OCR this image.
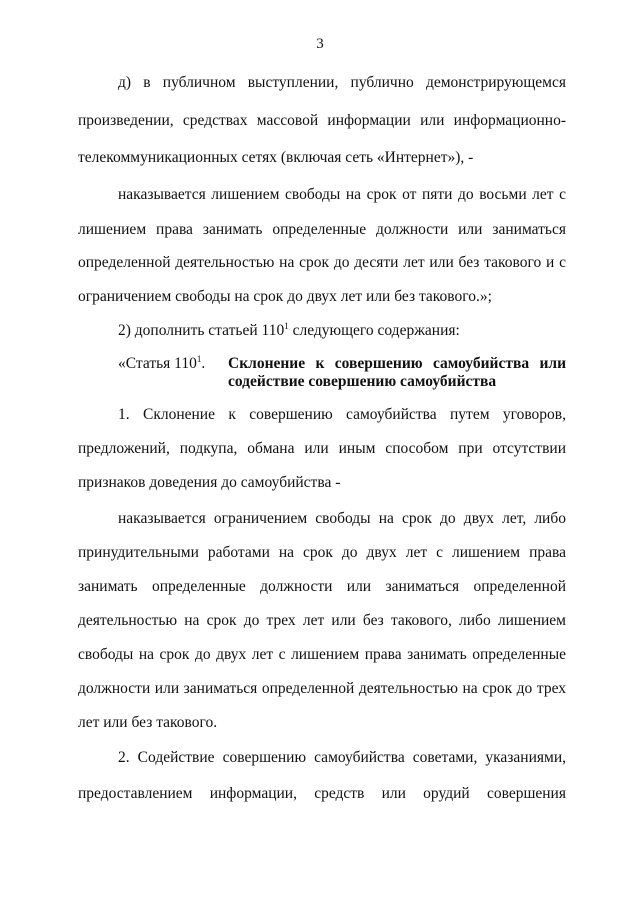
3
д) в публичном выступлении, публично демонстрирующемся
произведении, средствах массовой информации или информационно-
телекоммуникационных сетях (включая сеть «Интернет»), -
наказывается лишением свободы на срок от пяти до восьми лет с
лишением права занимать определенные должности или заниматься
определенной деятельностью на срок до десяти лет или без такового и с
ограничением свободы на срок до двух лет или без такового.»;
2) дополнить статьей $110^1$ следующего содержания:
«Статья $110^1$. Склонение к совершению самоубийства или
содействие совершению самоубийства
1. Склонение к совершению самоубийства путем уговоров,
предложений, подкупа, обмана или иным способом при отсутствии
признаков доведения до самоубийства -
наказывается ограничением свободы на срок до двух лет, либо
принудительными работами на срок до двух лет с лишением права
занимать определенные должности или заниматься определенной
деятельностью на срок до трех лет или без такового, либо лишением
свободы на срок до двух лет с лишением права занимать определенные
должности или заниматься определенной деятельностью на срок до трех
лет или без такового.
2. Содействие совершению самоубийства советами, указаниями,
предоставлением информации, средств или орудий совершения
